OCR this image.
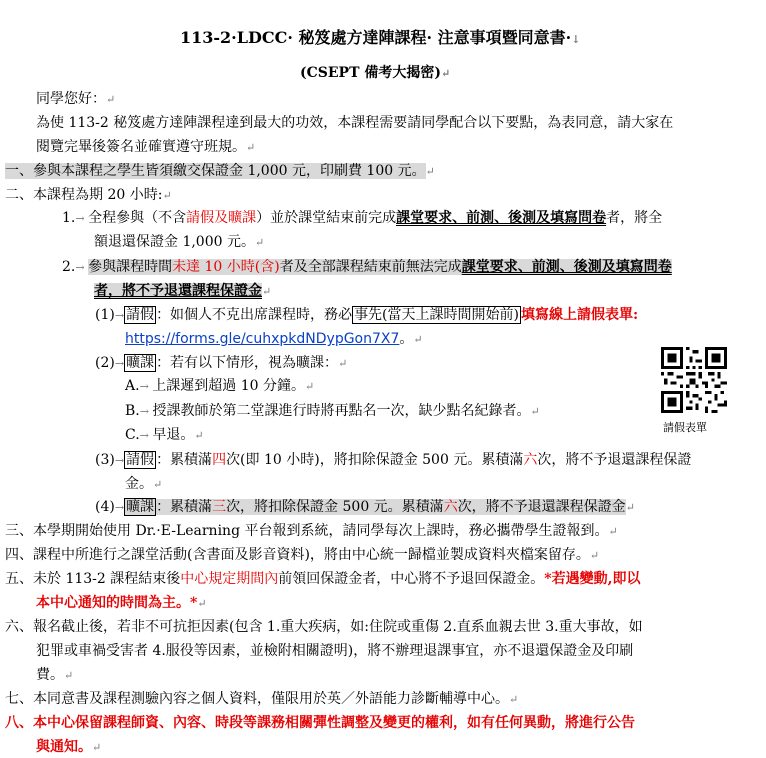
113-2·LDCC· 秘笈處方達陣課程· 注意事項暨同意書·↓
(CSEPT 備考大揭密)↵
同學您好：↵
為使 113-2 秘笈處方達陣課程達到最大的功效，本課程需要請同學配合以下要點，為表同意，請大家在
閱覽完畢後簽名並確實遵守班規。↵
一、參與本課程之學生皆須繳交保證金 1,000 元，印刷費 100 元。↵
二、本課程為期 20 小時:↵
1.→ 全程參與（不含請假及曠課）並於課堂結束前完成課堂要求、前測、後測及填寫問卷者，將全
額退還保證金 1,000 元。↵
2.→ 參與課程時間未達 10 小時(含)者及全部課程結束前無法完成課堂要求、前測、後測及填寫問卷
者，將不予退還課程保證金↵
(1)→ 請假 ：如個人不克出席課程時，務必 事先(當天上課時間開始前) 填寫線上請假表單:
https://forms.gle/cuhxpkdNDypGon7X7。↵
(2)→ 曠課 ：若有以下情形，視為曠課：↵
A.→ 上課遲到超過 10 分鐘。↵
B.→ 授課教師於第二堂課進行時將再點名一次，缺少點名紀錄者。↵
C.→ 早退。↵
(3)→ 請假 ：累積滿四次(即 10 小時)，將扣除保證金 500 元。累積滿六次，將不予退還課程保證
金。↵
(4)→ 曠課 ：累積滿三次，將扣除保證金 500 元。累積滿六次，將不予退還課程保證金↵
請假表單
三、本學期開始使用 Dr.·E-Learning 平台報到系統，請同學每次上課時，務必攜帶學生證報到。↵
四、課程中所進行之課堂活動(含書面及影音資料)，將由中心統一歸檔並製成資料夾檔案留存。↵
五、未於 113-2 課程結束後中心規定期間內前領回保證金者，中心將不予退回保證金。*若遇變動,即以
本中心通知的時間為主。*↵
六、報名截止後，若非不可抗拒因素(包含 1.重大疾病，如:住院或重傷 2.直系血親去世 3.重大事故，如
犯罪或車禍受害者 4.服役等因素，並檢附相關證明)，將不辦理退課事宜，亦不退還保證金及印刷
費。↵
七、本同意書及課程測驗內容之個人資料，僅限用於英／外語能力診斷輔導中心。↵
八、本中心保留課程師資、內容、時段等課務相關彈性調整及變更的權利，如有任何異動，將進行公告
與通知。↵
